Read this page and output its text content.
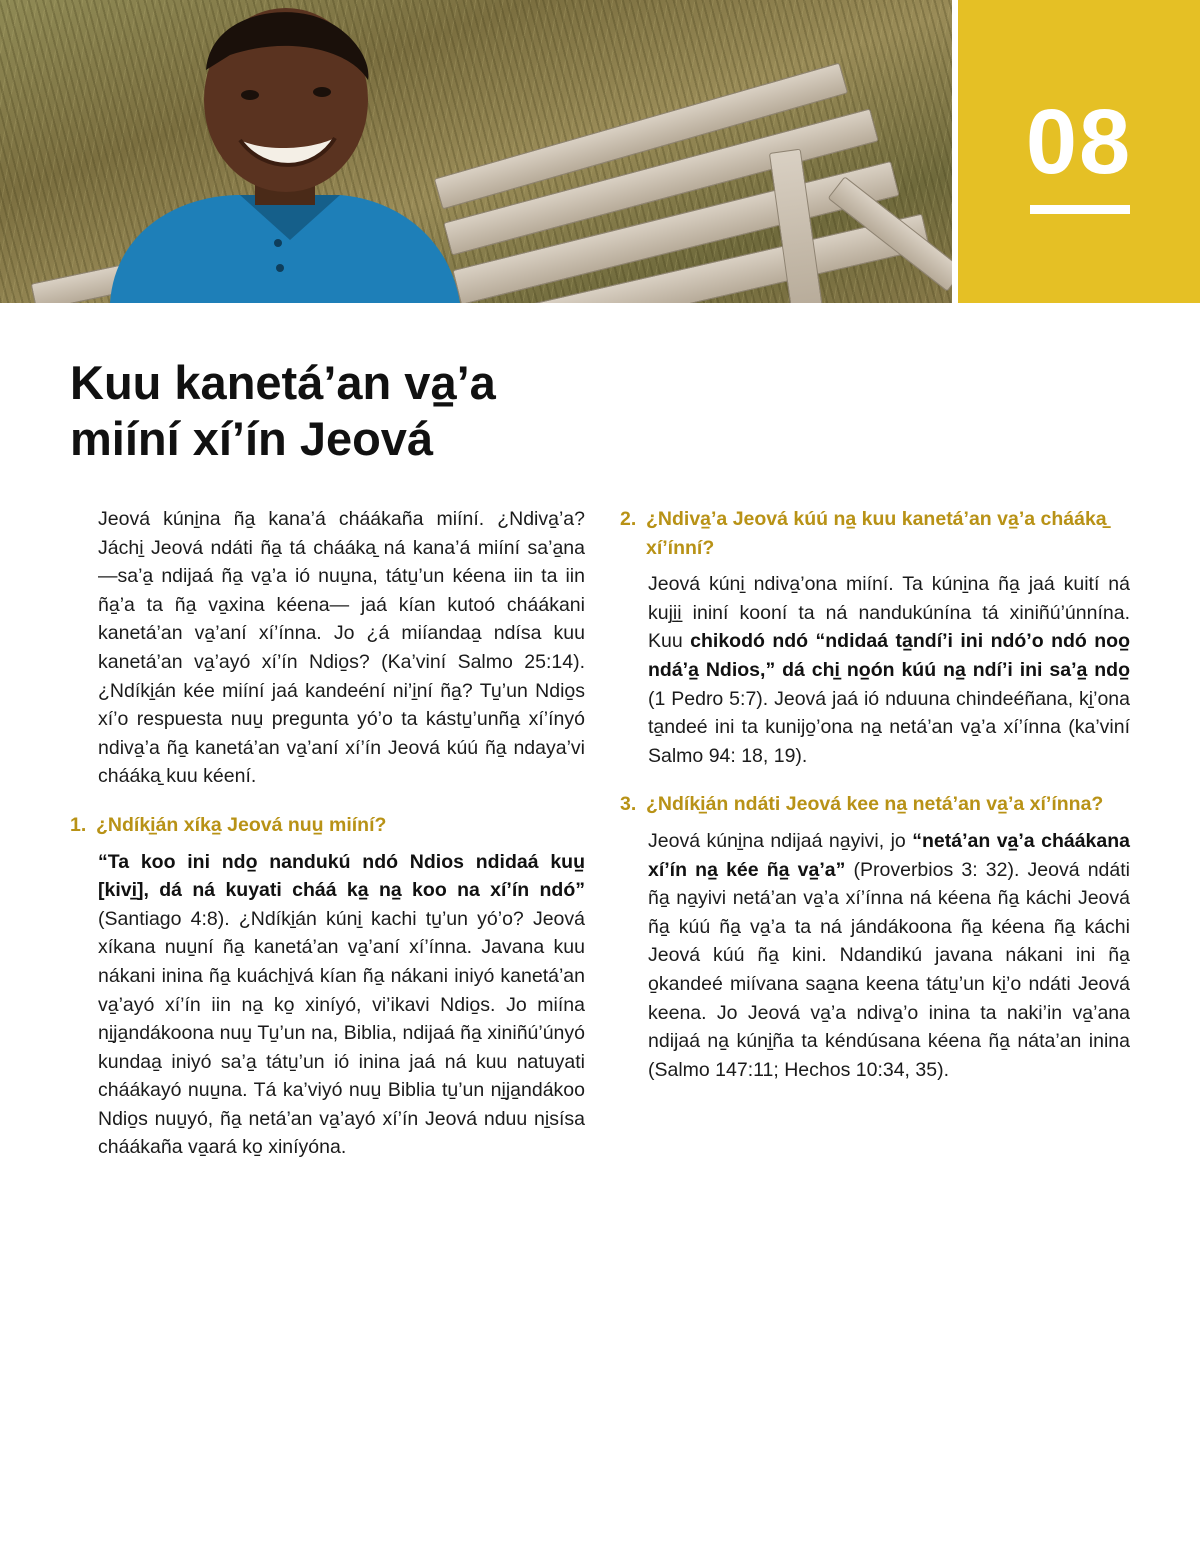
08
Kuu kanetá’an va̠’a
miíní xí’ín Jeová

Jeová kúni̠na ña̠ kana’á cháákaña miíní. ¿Ndiva̠’a? Jáchi̠ Jeová ndáti ña̠ tá cháákа̠ ná kana’á miíní sa’a̠na —sa’a̠ ndijaá ña̠ va̠’a ió nuu̠na, tátu̠’un kéena iin ta iin ña̠’a ta ña̠ va̠xina kéena— jaá kían kutoó cháákani kanetá’an va̠’aní xí’ínna. Jo ¿á miíandaa̠ ndísa kuu kanetá’an va̠’ayó xí’ín Ndio̠s? (Ka’viní Salmo 25:14). ¿Ndíki̠án kée miíní jaá kandeéní ni’i̠ní ña̠? Tu̠’un Ndio̠s xí’o respuesta nuu̠ pregunta yó’o ta kástu̠’unña̠ xí’ínyó ndiva̠’a ña̠ kanetá’an va̠’aní xí’ín Jeová kúú ña̠ ndaya’vi cháákа̠ kuu kéení.

1. ¿Ndíki̠án xíka̠ Jeová nuu̠ miíní?

“Ta koo ini ndo̠ nandukú ndó Ndios ndidaá kuu̠ [kivi̠], dá ná kuyati cháá ka̠ na̠ koo na xí’ín ndó” (Santiago 4:8). ¿Ndíki̠án kúni̠ kachi tu̠’un yó’o? Jeová xíkana nuu̠ní ña̠ kanetá’an va̠’aní xí’ínna. Javana kuu nákani inina ña̠ kuáchi̠vá kían ña̠ nákani iniyó kanetá’an va̠’ayó xí’ín iin na̠ ko̠ xiníyó, vi’ikavi Ndio̠s. Jo miína ni̠ja̠ndákoona nuu̠ Tu̠’un na, Biblia, ndijaá ña̠ xiniñú’únyó kundaa̠ iniyó sa’a̠ tátu̠’un ió inina jaá ná kuu natuyati cháákayó nuu̠na. Tá ka’viyó nuu̠ Biblia tu̠’un ni̠ja̠ndákoo Ndio̠s nuu̠yó, ña̠ netá’an va̠’ayó xí’ín Jeová nduu ni̠sísa cháákaña va̠ará ko̠ xiníyóna.

2. ¿Ndiva̠’a Jeová kúú na̠ kuu kanetá’an va̠’a cháákа̠ xí’ínní?

Jeová kúni̠ ndiva̠’ona miíní. Ta kúni̠na ña̠ jaá kuití ná kuji̠i̠ ininí kooní ta ná nandukúnína tá xiniñú’únnína. Kuu chikodó ndó “ndidaá ta̠ndí’i ini ndó’o ndó noo̠ ndá’a̠ Ndios,” dá chi̠ no̠ón kúú na̠ ndí’i ini sa’a̠ ndo̠ (1 Pedro 5:7). Jeová jaá ió nduuna chindeéñana, ki̠’ona ta̠ndeé ini ta kunijo̠’ona na̠ netá’an va̠’a xí’ínna (ka’viní Salmo 94: 18, 19).

3. ¿Ndíki̠án ndáti Jeová kee na̠ netá’an va̠’a xí’ínna?

Jeová kúni̠na ndijaá na̠yivi, jo “netá’an va̠’a cháákаna xí’ín na̠ kée ña̠ va̠’a” (Proverbios 3: 32). Jeová ndáti ña̠ na̠yivi netá’an va̠’a xí’ínna ná kéena ña̠ káchi Jeová ña̠ kúú ña̠ va̠’a ta ná jándákoona ña̠ kéena ña̠ káchi Jeová kúú ña̠ kini. Ndandikú javana nákani ini ña̠ o̠kandeé miívana saa̠na keena tátu̠’un ki̠’o ndáti Jeová keena. Jo Jeová va̠’a ndiva̠’o inina ta naki’in va̠’ana ndijaá na̠ kúni̠ña ta kéndúsana kéena ña̠ náta’an inina (Salmo 147:11; Hechos 10:34, 35).
